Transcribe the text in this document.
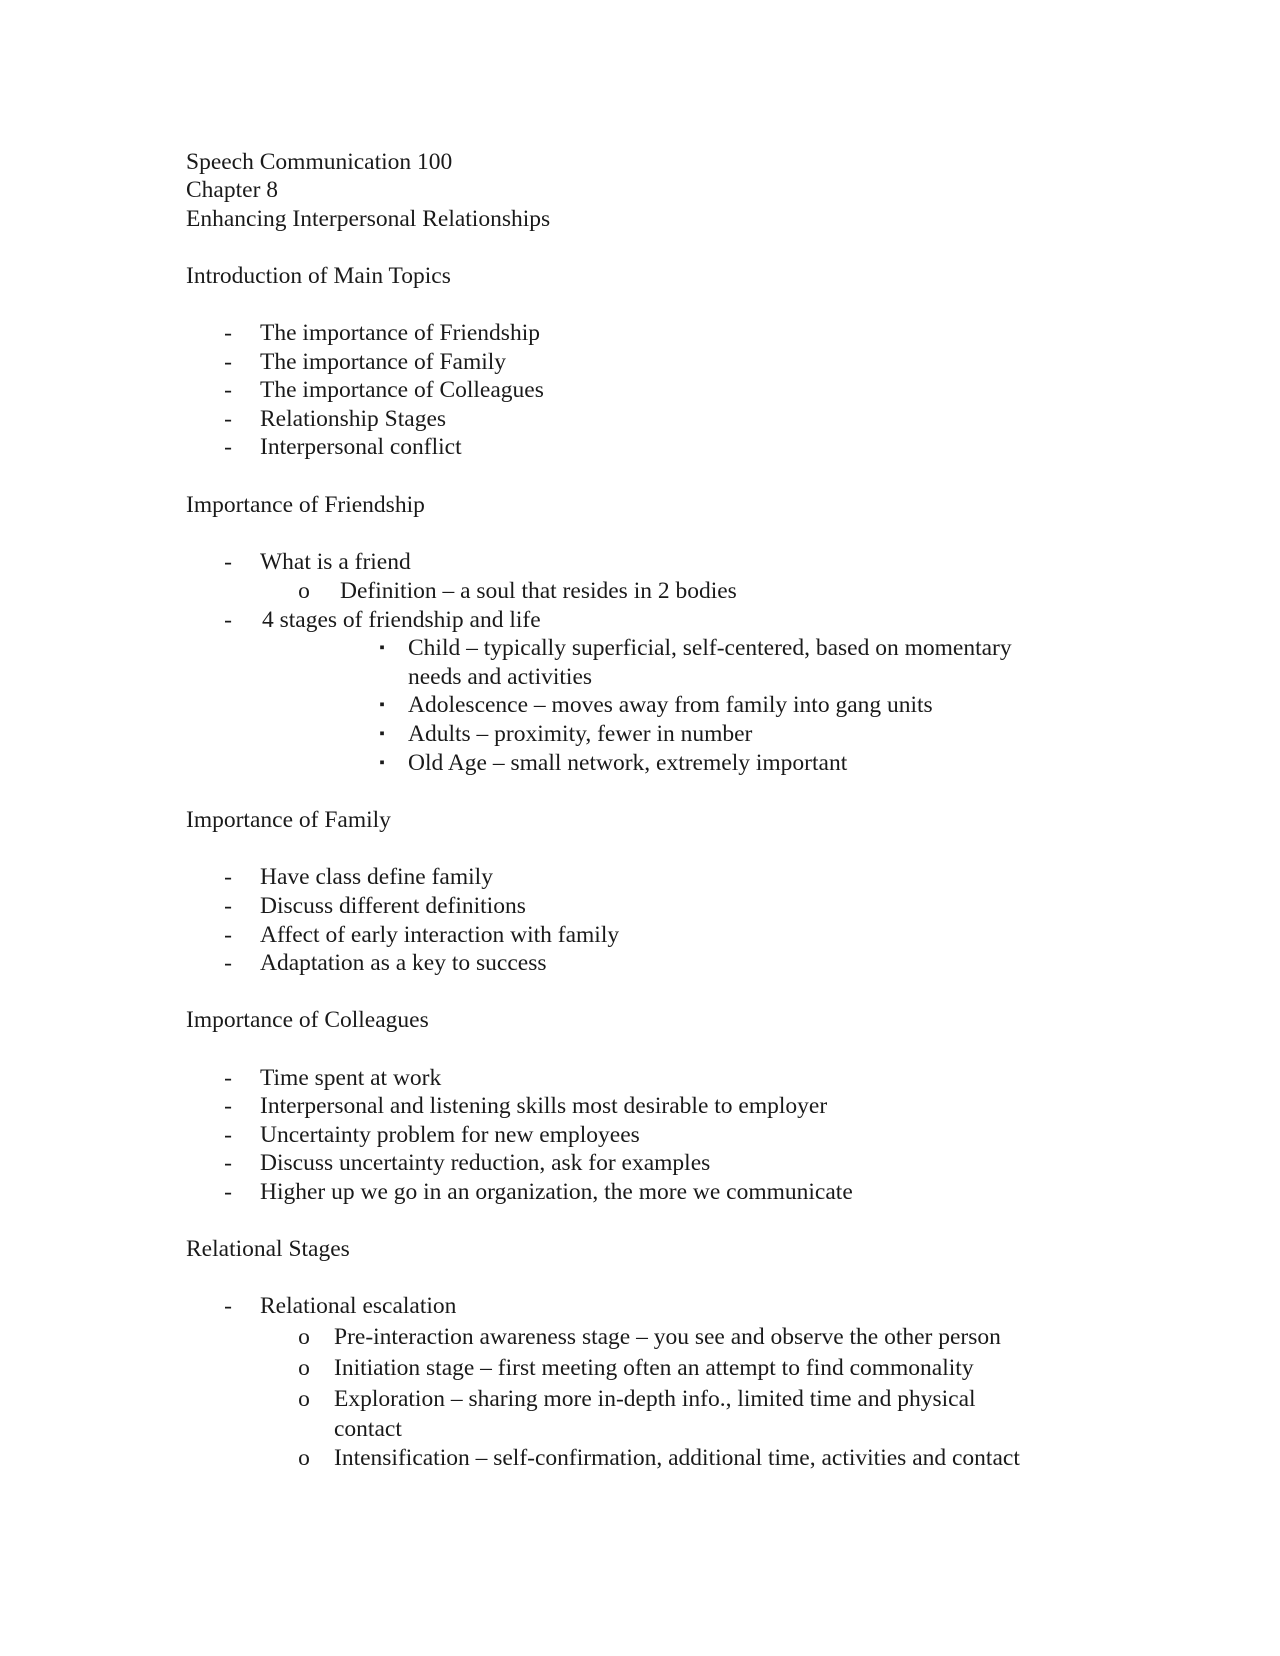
Speech Communication 100
Chapter 8
Enhancing Interpersonal Relationships
Introduction of Main Topics
- The importance of Friendship
- The importance of Family
- The importance of Colleagues
- Relationship Stages
- Interpersonal conflict
Importance of Friendship
- What is a friend
o Definition – a soul that resides in 2 bodies
- 4 stages of friendship and life
▪ Child – typically superficial, self-centered, based on momentary
needs and activities
▪ Adolescence – moves away from family into gang units
▪ Adults – proximity, fewer in number
▪ Old Age – small network, extremely important
Importance of Family
- Have class define family
- Discuss different definitions
- Affect of early interaction with family
- Adaptation as a key to success
Importance of Colleagues
- Time spent at work
- Interpersonal and listening skills most desirable to employer
- Uncertainty problem for new employees
- Discuss uncertainty reduction, ask for examples
- Higher up we go in an organization, the more we communicate
Relational Stages
- Relational escalation
o Pre-interaction awareness stage – you see and observe the other person
o Initiation stage – first meeting often an attempt to find commonality
o Exploration – sharing more in-depth info., limited time and physical
contact
o Intensification – self-confirmation, additional time, activities and contact
